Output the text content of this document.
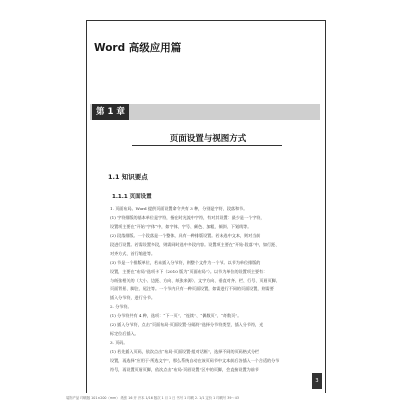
Word 高级应用篇
第 1 章
页面设置与视图方式
1.1 知识要点
1.1.1 页面设置
1. 页面布局。Word 提供页面设置命令共有 3 种，分别是字符、段落和节。
(1) 字符排版的基本单位是字符，指在时光流中字符，有对其设置：最少是一个字符，
设置项主要在“开始”字体“中，如字体、字号、颜色、加粗、倾斜、下划线等。
(2) 段落排版。一个段落是一个整体，具有一种排版设置。若未选中文本，则对当前
段进行设置。若需设置多段，则需同时选中多段内容。设置项主要在“开始-段落”中，如行距、
对齐方式、首行缩进等。
(3) 节是一个排版单位，若未插入分节符，则整个文件为一个节。以节为单位排版的
设置，主要在“布局”选项卡下（2010 版为“页面布局”）。以节为单位的设置项主要有：
与纸张相关的（大小、边距、方向、纸张来源）、文字方向、垂直对齐、栏、行号、页眉页脚、
页面背景、脚注、尾注等。一个节内只有一种页面设置，如需进行不同的页面设置，则需要
插入分节符，进行分节。
2. 分节符。
(1) 分节符共有 4 种，选项：“下一页”、“连续”、“偶数页”、“奇数页”。
(2) 插入分节符，点击“页面布局-页面设置-分隔符”选择分节符类型，插入分节符，光
标定位后插入。
3. 页码。
(1) 若先插入页码，依次点击“布局-页面设置-组对话框”，选择不同的页码格式分栏
设置，再选择“应用于-所选文字”，那么系统自动在该页码节中文本前后各插入一个合适的分节
符号，再设置页眉页脚，依次点击“布局-页眉设置”区中的页脚，会直接设置为前节
3

装饰产品 印刷版 101×200（mm） 纸张 16 开 开本 1/16 版次 1 月 1 日 书号 1 印刷 2. 1/1 定价 1 印刷号 39～43
